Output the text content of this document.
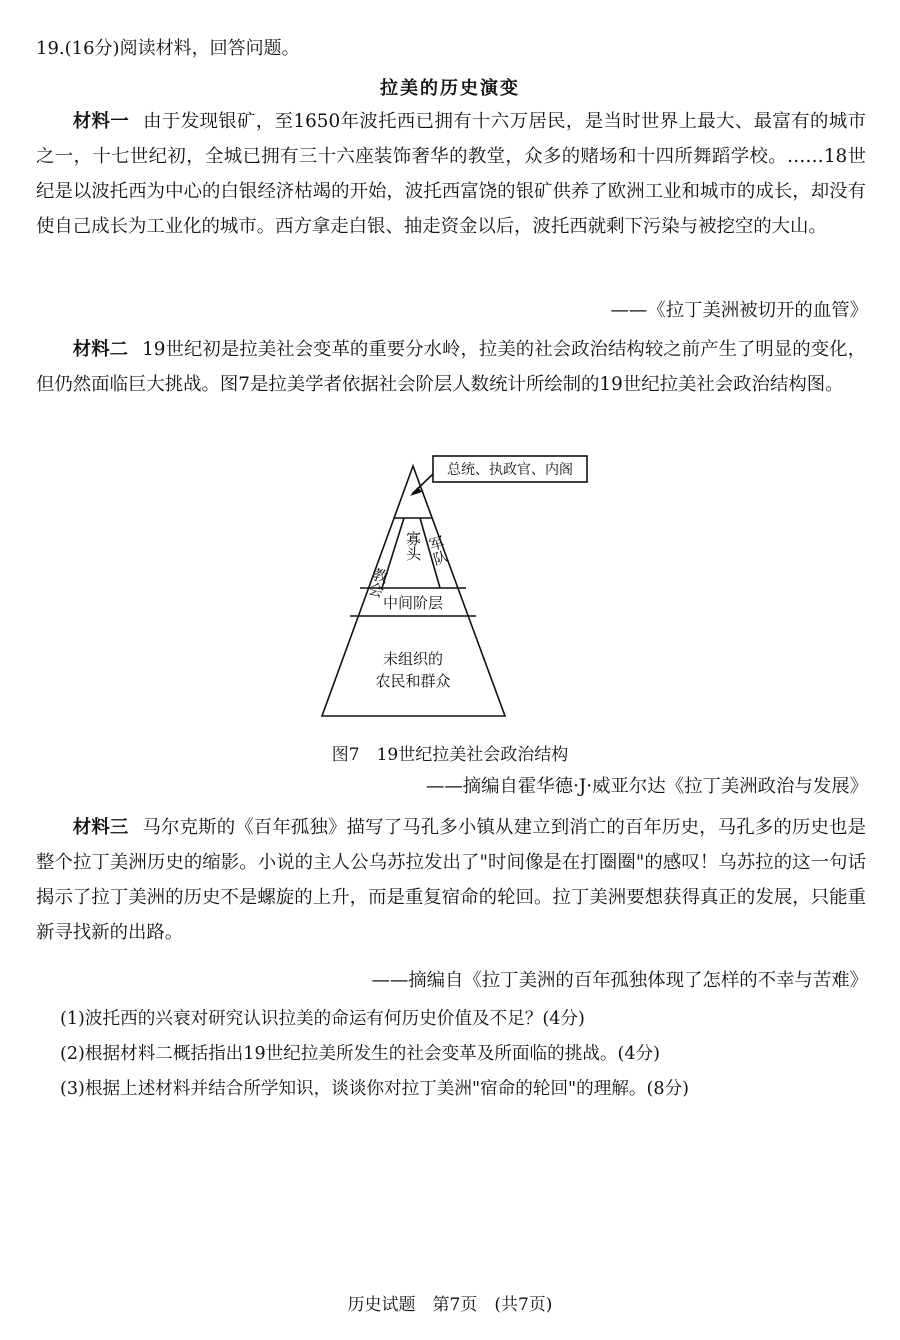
19.(16分)阅读材料，回答问题。
拉美的历史演变
材料一 由于发现银矿，至1650年波托西已拥有十六万居民，是当时世界上最大、最富有的城市之一，十七世纪初，全城已拥有三十六座装饰奢华的教堂，众多的赌场和十四所舞蹈学校。……18世纪是以波托西为中心的白银经济枯竭的开始，波托西富饶的银矿供养了欧洲工业和城市的成长，却没有使自己成长为工业化的城市。西方拿走白银、抽走资金以后，波托西就剩下污染与被挖空的大山。
——《拉丁美洲被切开的血管》
材料二 19世纪初是拉美社会变革的重要分水岭，拉美的社会政治结构较之前产生了明显的变化，但仍然面临巨大挑战。图7是拉美学者依据社会阶层人数统计所绘制的19世纪拉美社会政治结构图。
总统、执政官、内阁
教会
寡头 军队
中间阶层
未组织的
农民和群众
图7　19世纪拉美社会政治结构
——摘编自霍华德·J·威亚尔达《拉丁美洲政治与发展》
材料三 马尔克斯的《百年孤独》描写了马孔多小镇从建立到消亡的百年历史，马孔多的历史也是整个拉丁美洲历史的缩影。小说的主人公乌苏拉发出了"时间像是在打圈圈"的感叹！乌苏拉的这一句话揭示了拉丁美洲的历史不是螺旋的上升，而是重复宿命的轮回。拉丁美洲要想获得真正的发展，只能重新寻找新的出路。
——摘编自《拉丁美洲的百年孤独体现了怎样的不幸与苦难》
(1)波托西的兴衰对研究认识拉美的命运有何历史价值及不足？(4分)
(2)根据材料二概括指出19世纪拉美所发生的社会变革及所面临的挑战。(4分)
(3)根据上述材料并结合所学知识，谈谈你对拉丁美洲"宿命的轮回"的理解。(8分)
历史试题　第7页　(共7页)
